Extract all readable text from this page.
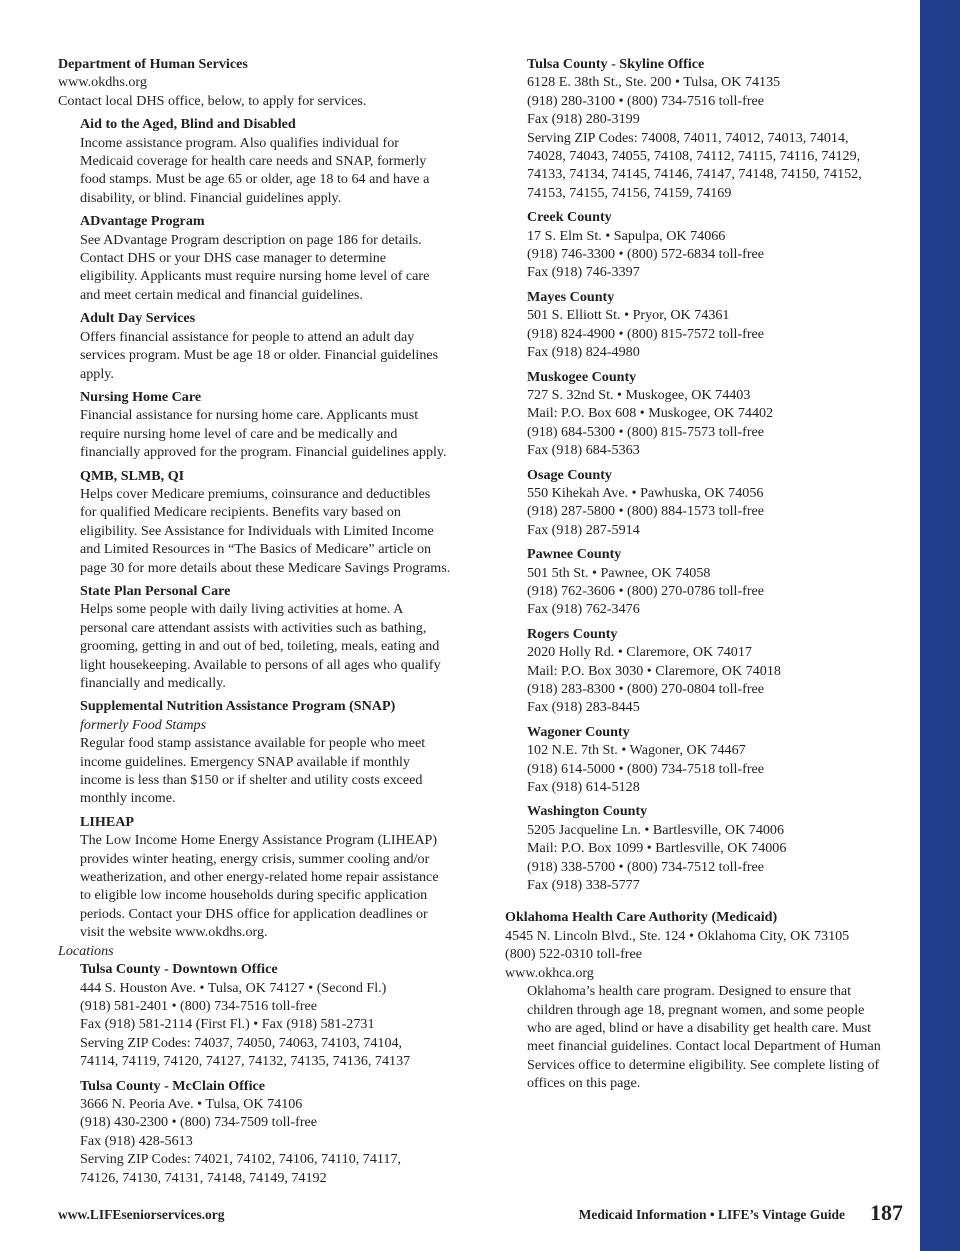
Department of Human Services
www.okdhs.org
Contact local DHS office, below, to apply for services.
Aid to the Aged, Blind and Disabled
Income assistance program. Also qualifies individual for
Medicaid coverage for health care needs and SNAP, formerly
food stamps. Must be age 65 or older, age 18 to 64 and have a
disability, or blind. Financial guidelines apply.
ADvantage Program
See ADvantage Program description on page 186 for details.
Contact DHS or your DHS case manager to determine
eligibility. Applicants must require nursing home level of care
and meet certain medical and financial guidelines.
Adult Day Services
Offers financial assistance for people to attend an adult day
services program. Must be age 18 or older. Financial guidelines
apply.
Nursing Home Care
Financial assistance for nursing home care. Applicants must
require nursing home level of care and be medically and
financially approved for the program. Financial guidelines apply.
QMB, SLMB, QI
Helps cover Medicare premiums, coinsurance and deductibles
for qualified Medicare recipients. Benefits vary based on
eligibility. See Assistance for Individuals with Limited Income
and Limited Resources in “The Basics of Medicare” article on
page 30 for more details about these Medicare Savings Programs.
State Plan Personal Care
Helps some people with daily living activities at home. A
personal care attendant assists with activities such as bathing,
grooming, getting in and out of bed, toileting, meals, eating and
light housekeeping. Available to persons of all ages who qualify
financially and medically.
Supplemental Nutrition Assistance Program (SNAP)
formerly Food Stamps
Regular food stamp assistance available for people who meet
income guidelines. Emergency SNAP available if monthly
income is less than $150 or if shelter and utility costs exceed
monthly income.
LIHEAP
The Low Income Home Energy Assistance Program (LIHEAP)
provides winter heating, energy crisis, summer cooling and/or
weatherization, and other energy-related home repair assistance
to eligible low income households during specific application
periods. Contact your DHS office for application deadlines or
visit the website www.okdhs.org.
Locations
Tulsa County - Downtown Office
444 S. Houston Ave. • Tulsa, OK 74127 • (Second Fl.)
(918) 581-2401 • (800) 734-7516 toll-free
Fax (918) 581-2114 (First Fl.) • Fax (918) 581-2731
Serving ZIP Codes: 74037, 74050, 74063, 74103, 74104,
74114, 74119, 74120, 74127, 74132, 74135, 74136, 74137
Tulsa County - McClain Office
3666 N. Peoria Ave. • Tulsa, OK 74106
(918) 430-2300 • (800) 734-7509 toll-free
Fax (918) 428-5613
Serving ZIP Codes: 74021, 74102, 74106, 74110, 74117,
74126, 74130, 74131, 74148, 74149, 74192
Tulsa County - Skyline Office
6128 E. 38th St., Ste. 200 • Tulsa, OK 74135
(918) 280-3100 • (800) 734-7516 toll-free
Fax (918) 280-3199
Serving ZIP Codes: 74008, 74011, 74012, 74013, 74014,
74028, 74043, 74055, 74108, 74112, 74115, 74116, 74129,
74133, 74134, 74145, 74146, 74147, 74148, 74150, 74152,
74153, 74155, 74156, 74159, 74169
Creek County
17 S. Elm St. • Sapulpa, OK 74066
(918) 746-3300 • (800) 572-6834 toll-free
Fax (918) 746-3397
Mayes County
501 S. Elliott St. • Pryor, OK 74361
(918) 824-4900 • (800) 815-7572 toll-free
Fax (918) 824-4980
Muskogee County
727 S. 32nd St. • Muskogee, OK 74403
Mail: P.O. Box 608 • Muskogee, OK 74402
(918) 684-5300 • (800) 815-7573 toll-free
Fax (918) 684-5363
Osage County
550 Kihekah Ave. • Pawhuska, OK 74056
(918) 287-5800 • (800) 884-1573 toll-free
Fax (918) 287-5914
Pawnee County
501 5th St. • Pawnee, OK 74058
(918) 762-3606 • (800) 270-0786 toll-free
Fax (918) 762-3476
Rogers County
2020 Holly Rd. • Claremore, OK 74017
Mail: P.O. Box 3030 • Claremore, OK 74018
(918) 283-8300 • (800) 270-0804 toll-free
Fax (918) 283-8445
Wagoner County
102 N.E. 7th St. • Wagoner, OK 74467
(918) 614-5000 • (800) 734-7518 toll-free
Fax (918) 614-5128
Washington County
5205 Jacqueline Ln. • Bartlesville, OK 74006
Mail: P.O. Box 1099 • Bartlesville, OK 74006
(918) 338-5700 • (800) 734-7512 toll-free
Fax (918) 338-5777
Oklahoma Health Care Authority (Medicaid)
4545 N. Lincoln Blvd., Ste. 124 • Oklahoma City, OK 73105
(800) 522-0310 toll-free
www.okhca.org
Oklahoma’s health care program. Designed to ensure that
children through age 18, pregnant women, and some people
who are aged, blind or have a disability get health care. Must
meet financial guidelines. Contact local Department of Human
Services office to determine eligibility. See complete listing of
offices on this page.
www.LIFEseniorservices.org	Medicaid Information • LIFE’s Vintage Guide 187
